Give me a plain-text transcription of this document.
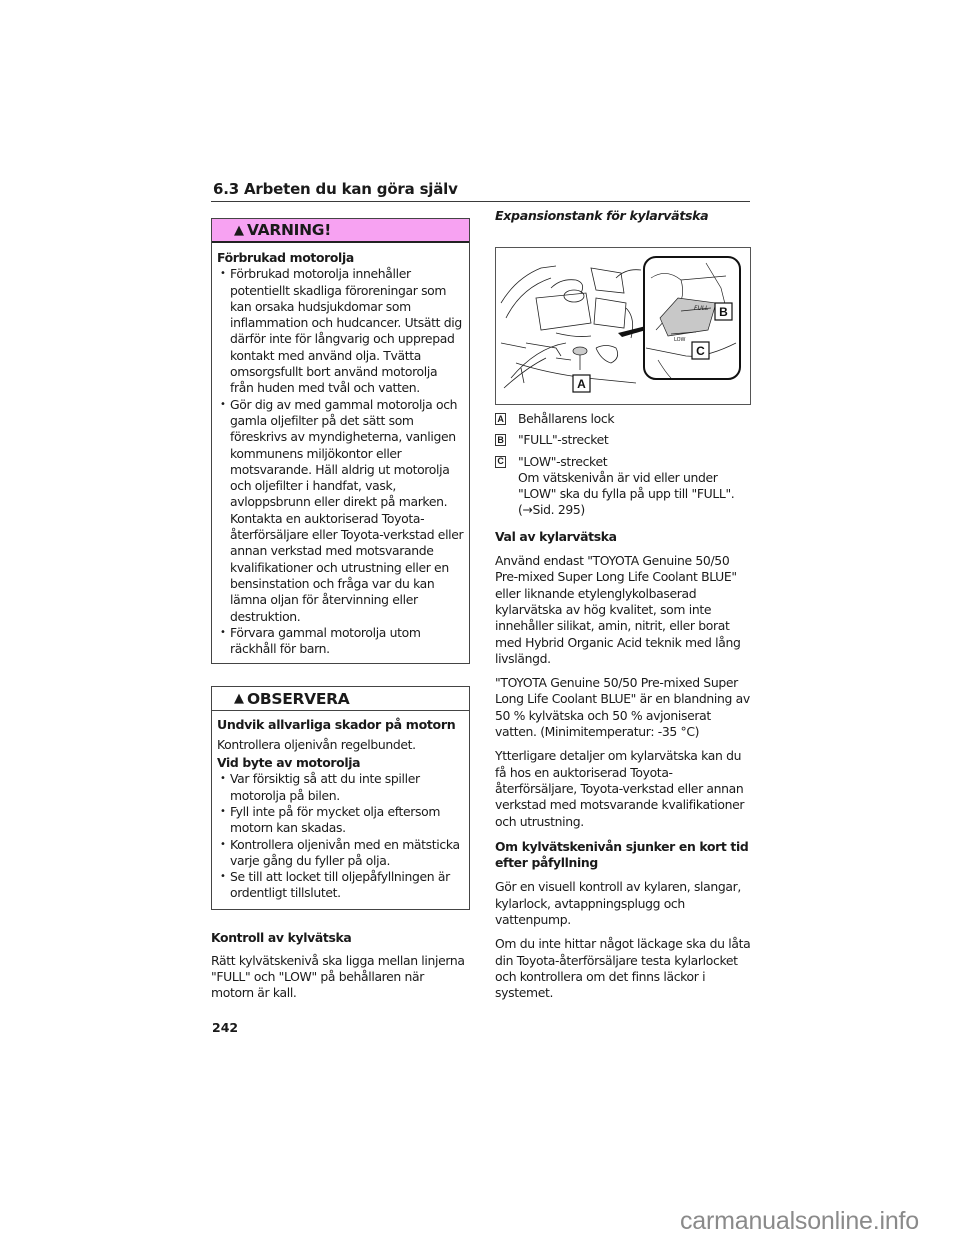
6.3 Arbeten du kan göra själv
▲ VARNING!
Förbrukad motorolja
• Förbrukad motorolja innehåller potentiellt skadliga föroreningar som kan orsaka hudsjukdomar som inflammation och hudcancer. Utsätt dig därför inte för långvarig och upprepad kontakt med använd olja. Tvätta omsorgsfullt bort använd motorolja från huden med tvål och vatten.
• Gör dig av med gammal motorolja och gamla oljefilter på det sätt som föreskrivs av myndigheterna, vanligen kommunens miljökontor eller motsvarande. Häll aldrig ut motorolja och oljefilter i handfat, vask, avloppsbrunn eller direkt på marken. Kontakta en auktoriserad Toyota-återförsäljare eller Toyota-verkstad eller annan verkstad med motsvarande kvalifikationer och utrustning eller en bensinstation och fråga var du kan lämna oljan för återvinning eller destruktion.
• Förvara gammal motorolja utom räckhåll för barn.
▲ OBSERVERA
Undvik allvarliga skador på motorn
Kontrollera oljenivån regelbundet.
Vid byte av motorolja
• Var försiktig så att du inte spiller motorolja på bilen.
• Fyll inte på för mycket olja eftersom motorn kan skadas.
• Kontrollera oljenivån med en mätsticka varje gång du fyller på olja.
• Se till att locket till oljepåfyllningen är ordentligt tillslutet.
Kontroll av kylvätska
Rätt kylvätskenivå ska ligga mellan linjerna "FULL" och "LOW" på behållaren när motorn är kall.
Expansionstank för kylarvätska
FULL
LOW
B
C
A
A Behållarens lock
B "FULL"-strecket
C "LOW"-strecket
Om vätskenivån är vid eller under "LOW" ska du fylla på upp till "FULL".
(→Sid. 295)
Val av kylarvätska
Använd endast "TOYOTA Genuine 50/50 Pre-mixed Super Long Life Coolant BLUE" eller liknande etylenglykolbaserad kylarvätska av hög kvalitet, som inte innehåller silikat, amin, nitrit, eller borat med Hybrid Organic Acid teknik med lång livslängd.
"TOYOTA Genuine 50/50 Pre-mixed Super Long Life Coolant BLUE" är en blandning av 50 % kylvätska och 50 % avjoniserat vatten. (Minimitemperatur: -35 °C)
Ytterligare detaljer om kylarvätska kan du få hos en auktoriserad Toyota-återförsäljare, Toyota-verkstad eller annan verkstad med motsvarande kvalifikationer och utrustning.
Om kylvätskenivån sjunker en kort tid efter påfyllning
Gör en visuell kontroll av kylaren, slangar, kylarlock, avtappningsplugg och vattenpump.
Om du inte hittar något läckage ska du låta din Toyota-återförsäljare testa kylarlocket och kontrollera om det finns läckor i systemet.
242
carmanualsonline.info
